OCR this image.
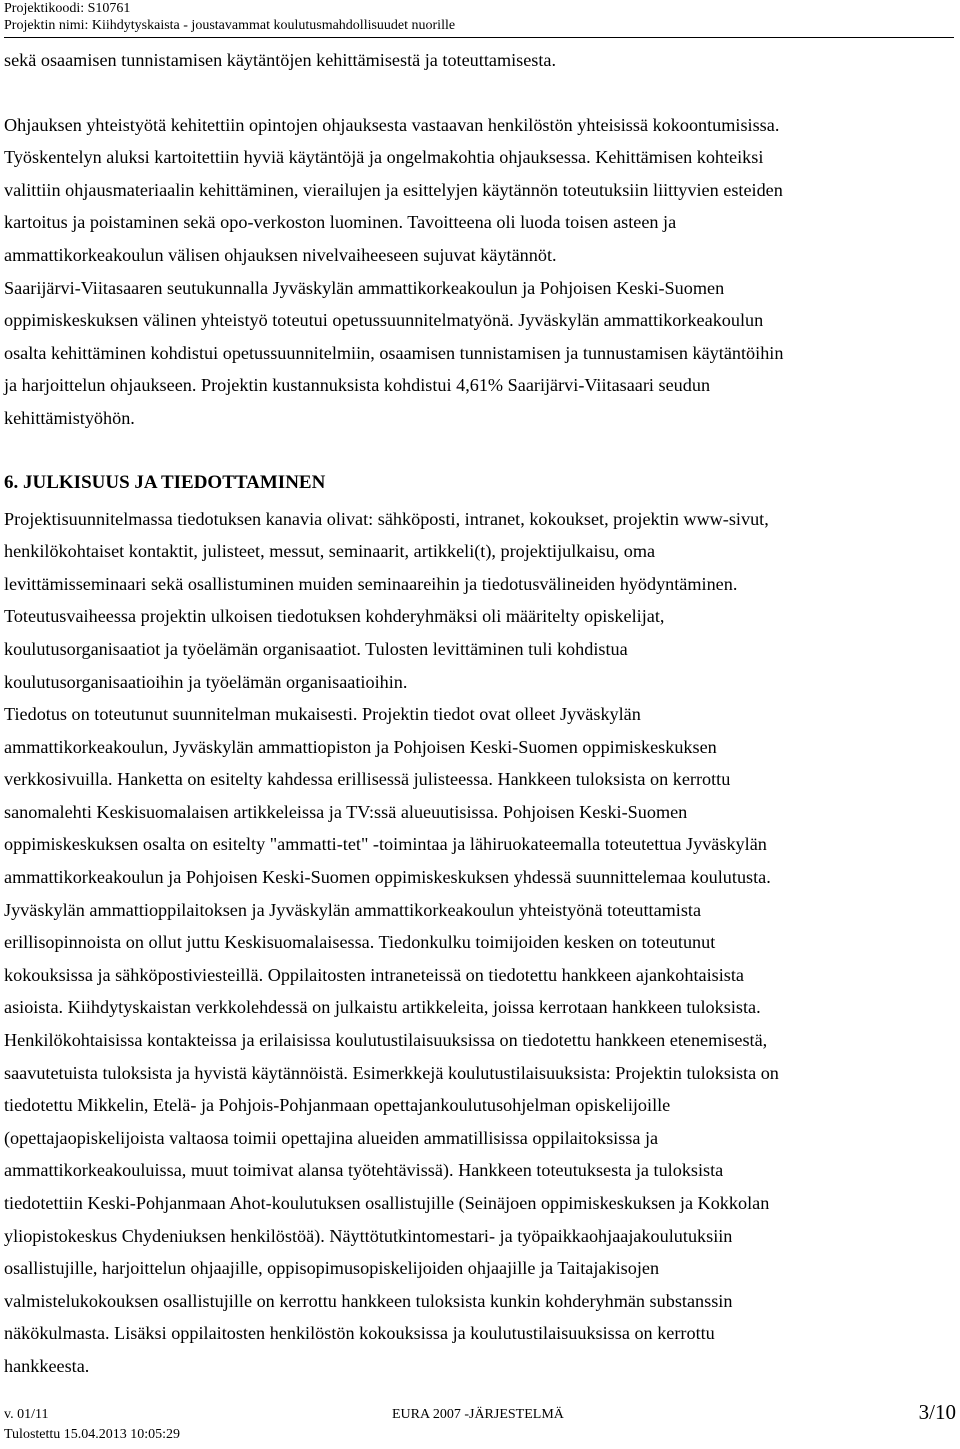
Projektikoodi: S10761
Projektin nimi: Kiihdytyskaista - joustavammat koulutusmahdollisuudet nuorille

sekä osaamisen tunnistamisen käytäntöjen kehittämisestä ja toteuttamisesta.

Ohjauksen yhteistyötä kehitettiin opintojen ohjauksesta vastaavan henkilöstön yhteisissä kokoontumisissa.

Työskentelyn aluksi kartoitettiin hyviä käytäntöjä ja ongelmakohtia ohjauksessa. Kehittämisen kohteiksi

valittiin ohjausmateriaalin kehittäminen, vierailujen ja esittelyjen käytännön toteutuksiin liittyvien esteiden

kartoitus ja poistaminen sekä opo-verkoston luominen. Tavoitteena oli luoda toisen asteen ja

ammattikorkeakoulun välisen ohjauksen nivelvaiheeseen sujuvat käytännöt.

Saarijärvi-Viitasaaren seutukunnalla Jyväskylän ammattikorkeakoulun ja Pohjoisen Keski-Suomen

oppimiskeskuksen välinen yhteistyö toteutui opetussuunnitelmatyönä. Jyväskylän ammattikorkeakoulun

osalta kehittäminen kohdistui opetussuunnitelmiin, osaamisen tunnistamisen ja tunnustamisen käytäntöihin

ja harjoittelun ohjaukseen. Projektin kustannuksista kohdistui 4,61% Saarijärvi-Viitasaari seudun

kehittämistyöhön.

6. JULKISUUS JA TIEDOTTAMINEN

Projektisuunnitelmassa tiedotuksen kanavia olivat: sähköposti, intranet, kokoukset, projektin www-sivut,

henkilökohtaiset kontaktit, julisteet, messut, seminaarit, artikkeli(t), projektijulkaisu, oma

levittämisseminaari sekä osallistuminen muiden seminaareihin ja tiedotusvälineiden hyödyntäminen.

Toteutusvaiheessa projektin ulkoisen tiedotuksen kohderyhmäksi oli määritelty opiskelijat,

koulutusorganisaatiot ja työelämän organisaatiot. Tulosten levittäminen tuli kohdistua

koulutusorganisaatioihin ja työelämän organisaatioihin.

Tiedotus on toteutunut suunnitelman mukaisesti. Projektin tiedot ovat olleet Jyväskylän

ammattikorkeakoulun, Jyväskylän ammattiopiston ja Pohjoisen Keski-Suomen oppimiskeskuksen

verkkosivuilla. Hanketta on esitelty kahdessa erillisessä julisteessa. Hankkeen tuloksista on kerrottu

sanomalehti Keskisuomalaisen artikkeleissa ja TV:ssä alueuutisissa. Pohjoisen Keski-Suomen

oppimiskeskuksen osalta on esitelty "ammatti-tet" -toimintaa ja lähiruokateemalla toteutettua Jyväskylän

ammattikorkeakoulun ja Pohjoisen Keski-Suomen oppimiskeskuksen yhdessä suunnittelemaa koulutusta.

Jyväskylän ammattioppilaitoksen ja Jyväskylän ammattikorkeakoulun yhteistyönä toteuttamista

erillisopinnoista on ollut juttu Keskisuomalaisessa. Tiedonkulku toimijoiden kesken on toteutunut

kokouksissa ja sähköpostiviesteillä. Oppilaitosten intraneteissä on tiedotettu hankkeen ajankohtaisista

asioista. Kiihdytyskaistan verkkolehdessä on julkaistu artikkeleita, joissa kerrotaan hankkeen tuloksista.

Henkilökohtaisissa kontakteissa ja erilaisissa koulutustilaisuuksissa on tiedotettu hankkeen etenemisestä,

saavutetuista tuloksista ja hyvistä käytännöistä. Esimerkkejä koulutustilaisuuksista: Projektin tuloksista on

tiedotettu Mikkelin, Etelä- ja Pohjois-Pohjanmaan opettajankoulutusohjelman opiskelijoille

(opettajaopiskelijoista valtaosa toimii opettajina alueiden ammatillisissa oppilaitoksissa ja

ammattikorkeakouluissa, muut toimivat alansa työtehtävissä). Hankkeen toteutuksesta ja tuloksista

tiedotettiin Keski-Pohjanmaan Ahot-koulutuksen osallistujille (Seinäjoen oppimiskeskuksen ja Kokkolan

yliopistokeskus Chydeniuksen henkilöstöä). Näyttötutkintomestari- ja työpaikkaohjaajakoulutuksiin

osallistujille, harjoittelun ohjaajille, oppisopimusopiskelijoiden ohjaajille ja Taitajakisojen

valmistelukokouksen osallistujille on kerrottu hankkeen tuloksista kunkin kohderyhmän substanssin

näkökulmasta. Lisäksi oppilaitosten henkilöstön kokouksissa ja koulutustilaisuuksissa on kerrottu

hankkeesta.

v. 01/11	EURA 2007 -JÄRJESTELMÄ	3/10
Tulostettu 15.04.2013 10:05:29
